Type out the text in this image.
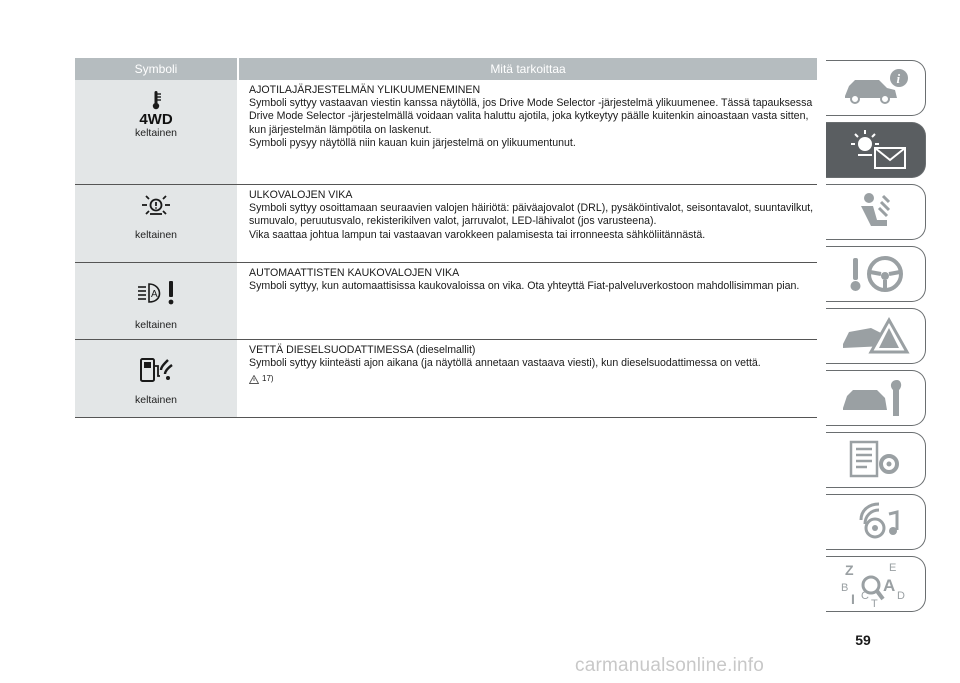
Symboli	Mitä tarkoittaa
4WD
keltainen

AJOTILAJÄRJESTELMÄN YLIKUUMENEMINEN

Symboli syttyy vastaavan viestin kanssa näytöllä, jos Drive Mode Selector -järjestelmä ylikuumenee. Tässä tapauksessa Drive Mode Selector -järjestelmällä voidaan valita haluttu ajotila, joka kytkeytyy päälle kuitenkin ainoastaan vasta sitten, kun järjestelmän lämpötila on laskenut.

Symboli pysyy näytöllä niin kauan kuin järjestelmä on ylikuumentunut.

keltainen

ULKOVALOJEN VIKA

Symboli syttyy osoittamaan seuraavien valojen häiriötä: päiväajovalot (DRL), pysäköintivalot, seisontavalot, suuntavilkut, sumuvalo, peruutusvalo, rekisterikilven valot, jarruvalot, LED-lähivalot (jos varusteena).

Vika saattaa johtua lampun tai vastaavan varokkeen palamisesta tai irronneesta sähköliitännästä.

A
keltainen

AUTOMAATTISTEN KAUKOVALOJEN VIKA

Symboli syttyy, kun automaattisissa kaukovaloissa on vika. Ota yhteyttä Fiat-palveluverkostoon mahdollisimman pian.

keltainen

VETTÄ DIESELSUODATTIMESSA (dieselmallit)

Symboli syttyy kiinteästi ajon aikana (ja näytöllä annetaan vastaava viesti), kun dieselsuodattimessa on vettä.

17)
i
Z	E
B A
I C
T
D
59
carmanualsonline.info
